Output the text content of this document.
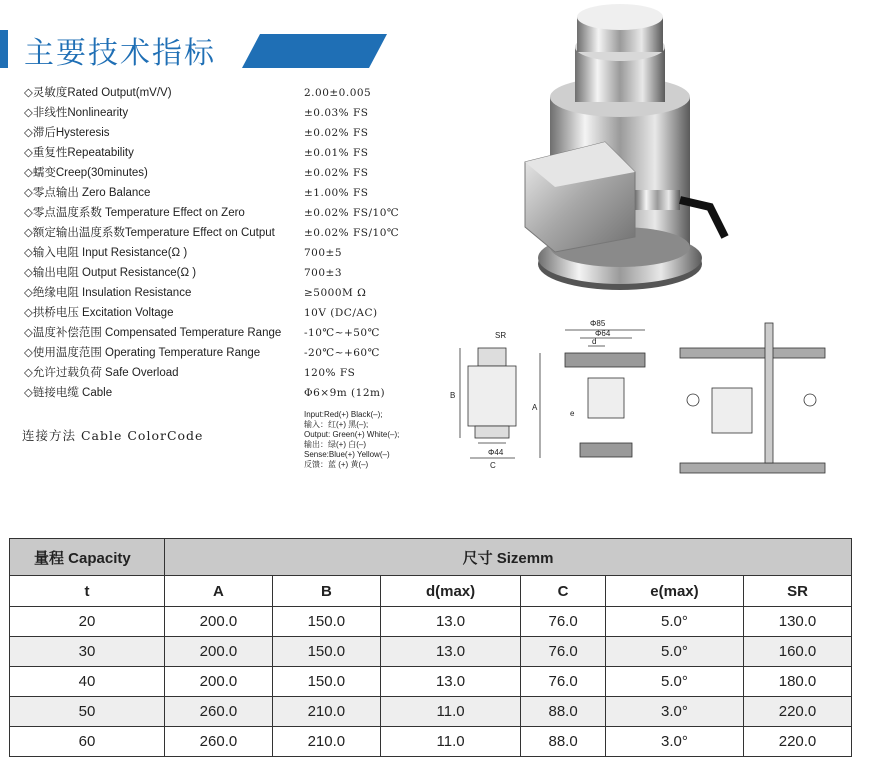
主要技术指标
◇灵敏度Rated Output(mV/V)	2.00±0.005
◇非线性Nonlinearity	±0.03% FS
◇滞后Hysteresis	±0.02% FS
◇重复性Repeatability	±0.01% FS
◇蠕变Creep(30minutes)	±0.02% FS
◇零点输出 Zero Balance	±1.00% FS
◇零点温度系数 Temperature Effect on Zero	±0.02% FS/10℃
◇额定输出温度系数Temperature Effect on Cutput	±0.02% FS/10℃
◇输入电阻 Input Resistance(Ω )	700±5
◇输出电阻 Output Resistance(Ω )	700±3
◇绝缘电阻 Insulation Resistance	≥5000M Ω
◇拱桥电压 Excitation Voltage	10V (DC/AC)
◇温度补偿范围 Compensated Temperature Range -10℃~+50℃
◇使用温度范围 Operating Temperature Range	-20℃~+60℃
◇允许过载负荷 Safe Overload	120% FS
◇链接电缆 Cable	Φ6×9m (12m)
连接方法 Cable ColorCode
Input:Red(+) Black(–);
输入：红(+) 黑(–);
Output: Green(+) White(–);
输出：绿(+) 白(–)
Sense:Blue(+) Yellow(–)
反馈：蓝 (+) 黄(–)
SR
B
Φ44
C
Φ85
Φ64
d
A
e
量程 Capacity	尺寸 Sizemm					
t	A	B	d(max)	C	e(max)	SR
20	200.0	150.0	13.0	76.0	5.0°	130.0
30	200.0	150.0	13.0	76.0	5.0°	160.0
40	200.0	150.0	13.0	76.0	5.0°	180.0
50	260.0	210.0	11.0	88.0	3.0°	220.0
60	260.0	210.0	11.0	88.0	3.0°	220.0
